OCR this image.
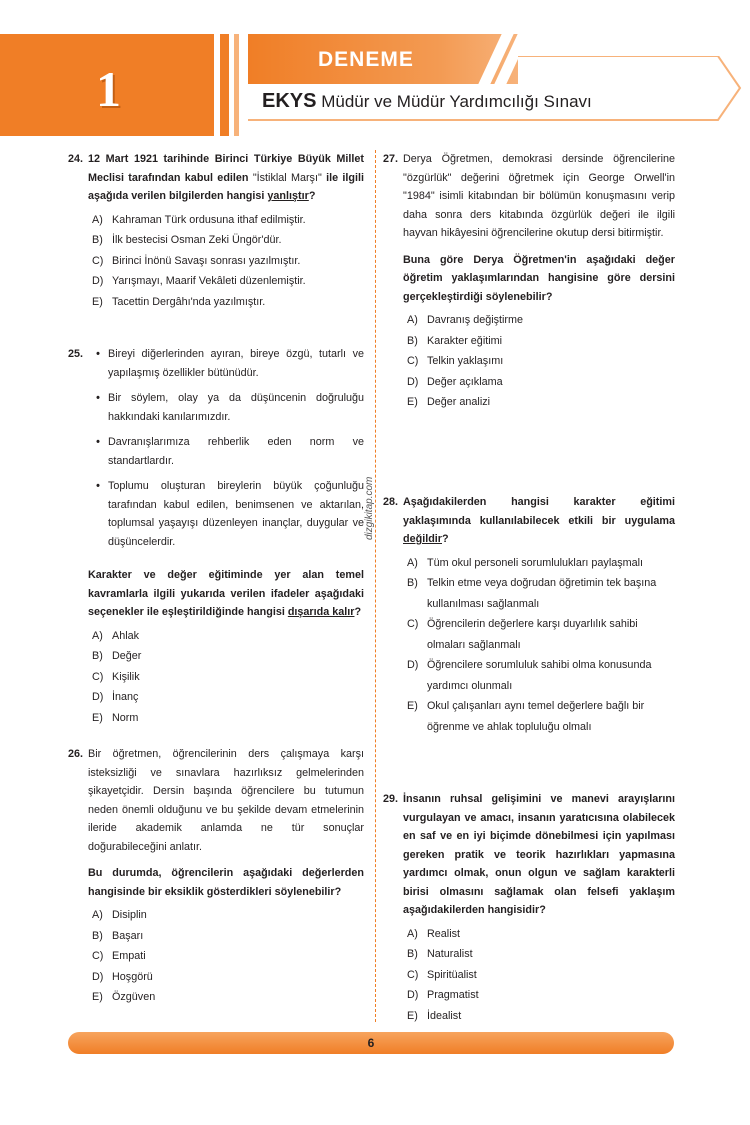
1
DENEME
EKYS Müdür ve Müdür Yardımcılığı Sınavı
dizgikitap.com
24. 12 Mart 1921 tarihinde Birinci Türkiye Büyük Millet Meclisi tarafından kabul edilen "İstiklal Marşı" ile ilgili aşağıda verilen bilgilerden hangisi yanlıştır?
A) Kahraman Türk ordusuna ithaf edilmiştir.
B) İlk bestecisi Osman Zeki Üngör'dür.
C) Birinci İnönü Savaşı sonrası yazılmıştır.
D) Yarışmayı, Maarif Vekâleti düzenlemiştir.
E) Tacettin Dergâhı'nda yazılmıştır.
25.	• Bireyi diğerlerinden ayıran, bireye özgü, tutarlı ve yapılaşmış özellikler bütünüdür.
• Bir söylem, olay ya da düşüncenin doğruluğu hakkındaki kanılarımızdır.
• Davranışlarımıza rehberlik eden norm ve standartlardır.
• Toplumu oluşturan bireylerin büyük çoğunluğu tarafından kabul edilen, benimsenen ve aktarılan, toplumsal yaşayışı düzenleyen inançlar, duygular ve düşüncelerdir.
Karakter ve değer eğitiminde yer alan temel kavramlarla ilgili yukarıda verilen ifadeler aşağıdaki seçenekler ile eşleştirildiğinde hangisi dışarıda kalır?
A) Ahlak
B) Değer
C) Kişilik
D) İnanç
E) Norm
26. Bir öğretmen, öğrencilerinin ders çalışmaya karşı isteksizliği ve sınavlara hazırlıksız gelmelerinden şikayetçidir. Dersin başında öğrencilere bu tutumun neden önemli olduğunu ve bu şekilde devam etmelerinin ileride akademik anlamda ne tür sonuçlar doğurabileceğini anlatır.
Bu durumda, öğrencilerin aşağıdaki değerlerden hangisinde bir eksiklik gösterdikleri söylenebilir?
A) Disiplin
B) Başarı
C) Empati
D) Hoşgörü
E) Özgüven
27. Derya Öğretmen, demokrasi dersinde öğrencilerine "özgürlük" değerini öğretmek için George Orwell'in "1984" isimli kitabından bir bölümün konuşmasını verip daha sonra ders kitabında özgürlük değeri ile ilgili hayvan hikâyesini öğrencilerine okutup dersi bitirmiştir.
Buna göre Derya Öğretmen'in aşağıdaki değer öğretim yaklaşımlarından hangisine göre dersini gerçekleştirdiği söylenebilir?
A) Davranış değiştirme
B) Karakter eğitimi
C) Telkin yaklaşımı
D) Değer açıklama
E) Değer analizi
28. Aşağıdakilerden hangisi karakter eğitimi yaklaşımında kullanılabilecek etkili bir uygulama değildir?
A) Tüm okul personeli sorumlulukları paylaşmalı
B) Telkin etme veya doğrudan öğretimin tek başına kullanılması sağlanmalı
C) Öğrencilerin değerlere karşı duyarlılık sahibi olmaları sağlanmalı
D) Öğrencilere sorumluluk sahibi olma konusunda yardımcı olunmalı
E) Okul çalışanları aynı temel değerlere bağlı bir öğrenme ve ahlak topluluğu olmalı
29. İnsanın ruhsal gelişimini ve manevi arayışlarını vurgulayan ve amacı, insanın yaratıcısına olabilecek en saf ve en iyi biçimde dönebilmesi için yapılması gereken pratik ve teorik hazırlıkları yapmasına yardımcı olmak, onun olgun ve sağlam karakterli birisi olmasını sağlamak olan felsefi yaklaşım aşağıdakilerden hangisidir?
A) Realist
B) Naturalist
C) Spiritüalist
D) Pragmatist
E) İdealist
6
